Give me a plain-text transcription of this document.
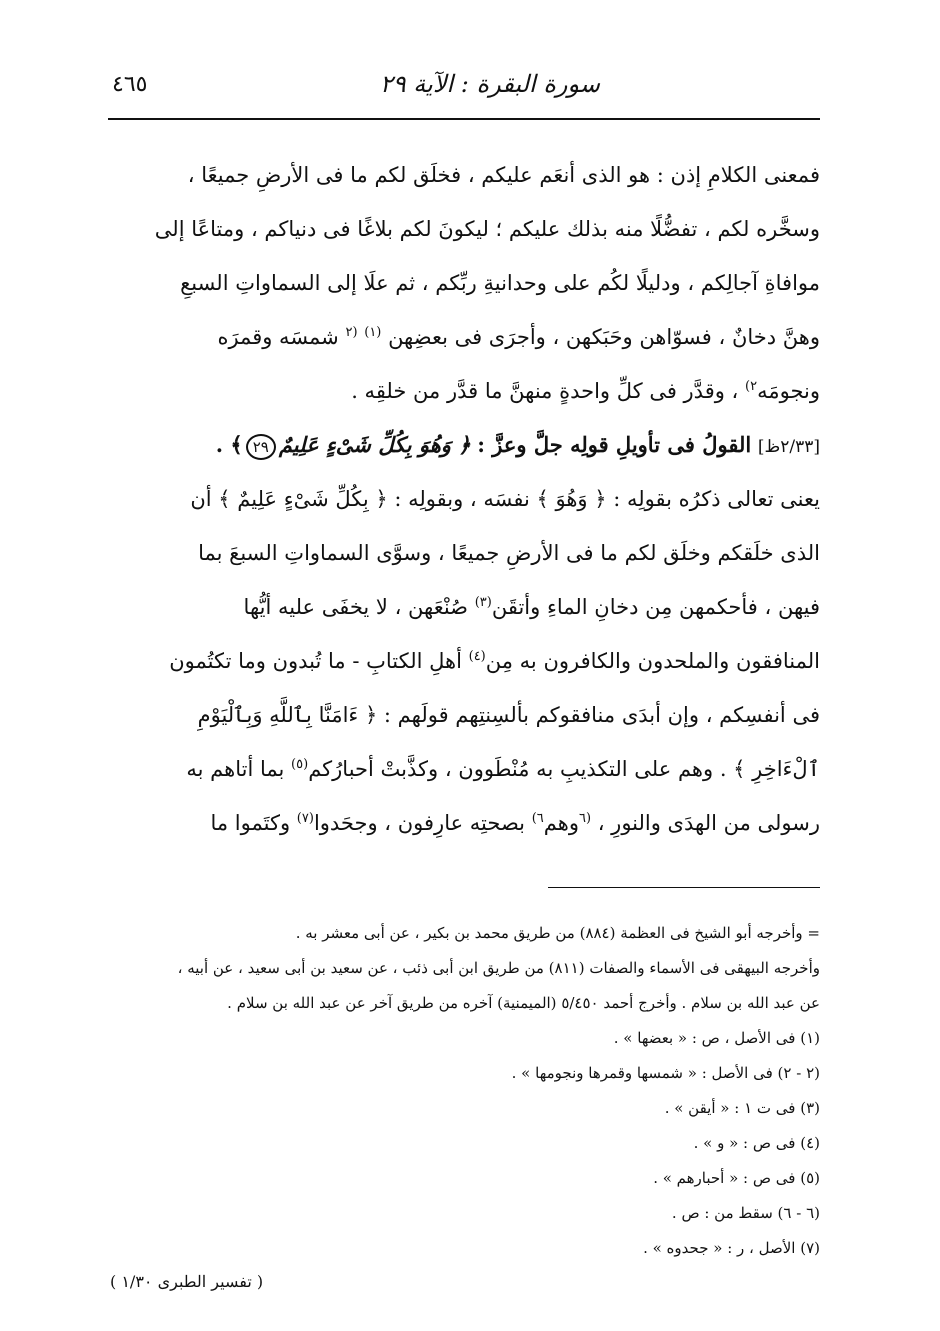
٤٦٥	سورة البقرة : الآية ٢٩
فمعنى الكلامِ إذن : هو الذى أنعَم عليكم ، فخلَق لكم ما فى الأرضِ جميعًا ،
وسخَّره لكم ، تفضُّلًا منه بذلك عليكم ؛ ليكونَ لكم بلاغًا فى دنياكم ، ومتاعًا إلى
موافاةِ آجالِكم ، ودليلًا لكُم على وحدانيةِ ربِّكم ، ثم علَا إلى السماواتِ السبعِ
وهنَّ دخانٌ ، فسوّاهن وحَبَكهن ، وأجرَى فى بعضِهن $^{(١)}$ $^{(٢}$ شمسَه وقمرَه
ونجومَه$^{٢)}$ ، وقدَّر فى كلِّ واحدةٍ منهنَّ ما قدَّر من خلقِه .
[٢/٣٣ظ] القولُ فى تأويلِ قولِه جلَّ وعزَّ : ﴿ وَهُوَ بِكُلِّ شَىْءٍ عَلِيمٌ٢٩﴾ .
يعنى تعالى ذكرُه بقولِه : ﴿ وَهُوَ ﴾ نفسَه ، وبقولِه : ﴿ بِكُلِّ شَىْءٍ عَلِيمٌ ﴾ أن
الذى خلَقكم وخلَق لكم ما فى الأرضِ جميعًا ، وسوَّى السماواتِ السبعَ بما
فيهن ، فأحكمهن مِن دخانِ الماءِ وأتقَن$^{(٣)}$ صُنْعَهن ، لا يخفَى عليه أيُّها
المنافقون والملحدون والكافرون به مِن$^{(٤)}$ أهلِ الكتابِ - ما تُبدون وما تكتُمون
فى أنفسِكم ، وإن أبدَى منافقوكم بألسِنتِهم قولَهم : ﴿ ءَامَنَّا بِٱللَّهِ وَبِٱلْيَوْمِ
ٱلْءَاخِرِ ﴾ . وهم على التكذيبِ به مُنْطَوون ، وكذَّبتْ أحبارُكم$^{(٥)}$ بما أتاهم به
رسولى من الهدَى والنورِ ، $^{(٦}$وهم$^{٦)}$ بصحتِه عارِفون ، وجحَدوا$^{(٧)}$ وكتَموا ما
= وأخرجه أبو الشيخ فى العظمة (٨٨٤) من طريق محمد بن بكير ، عن أبى معشر به .
وأخرجه البيهقى فى الأسماء والصفات (٨١١) من طريق ابن أبى ذئب ، عن سعيد بن أبى سعيد ، عن أبيه ،
عن عبد الله بن سلام . وأخرج أحمد ٥/٤٥٠ (الميمنية) آخره من طريق آخر عن عبد الله بن سلام .
(١) فى الأصل ، ص : « بعضها » .
(٢ - ٢) فى الأصل : « شمسها وقمرها ونجومها » .
(٣) فى ت ١ : « أيقن » .
(٤) فى ص : « و » .
(٥) فى ص : « أحبارهم » .
(٦ - ٦) سقط من : ص .
(٧) الأصل ، ر : « جحدوه » .
( تفسير الطبرى ١/٣٠ )
